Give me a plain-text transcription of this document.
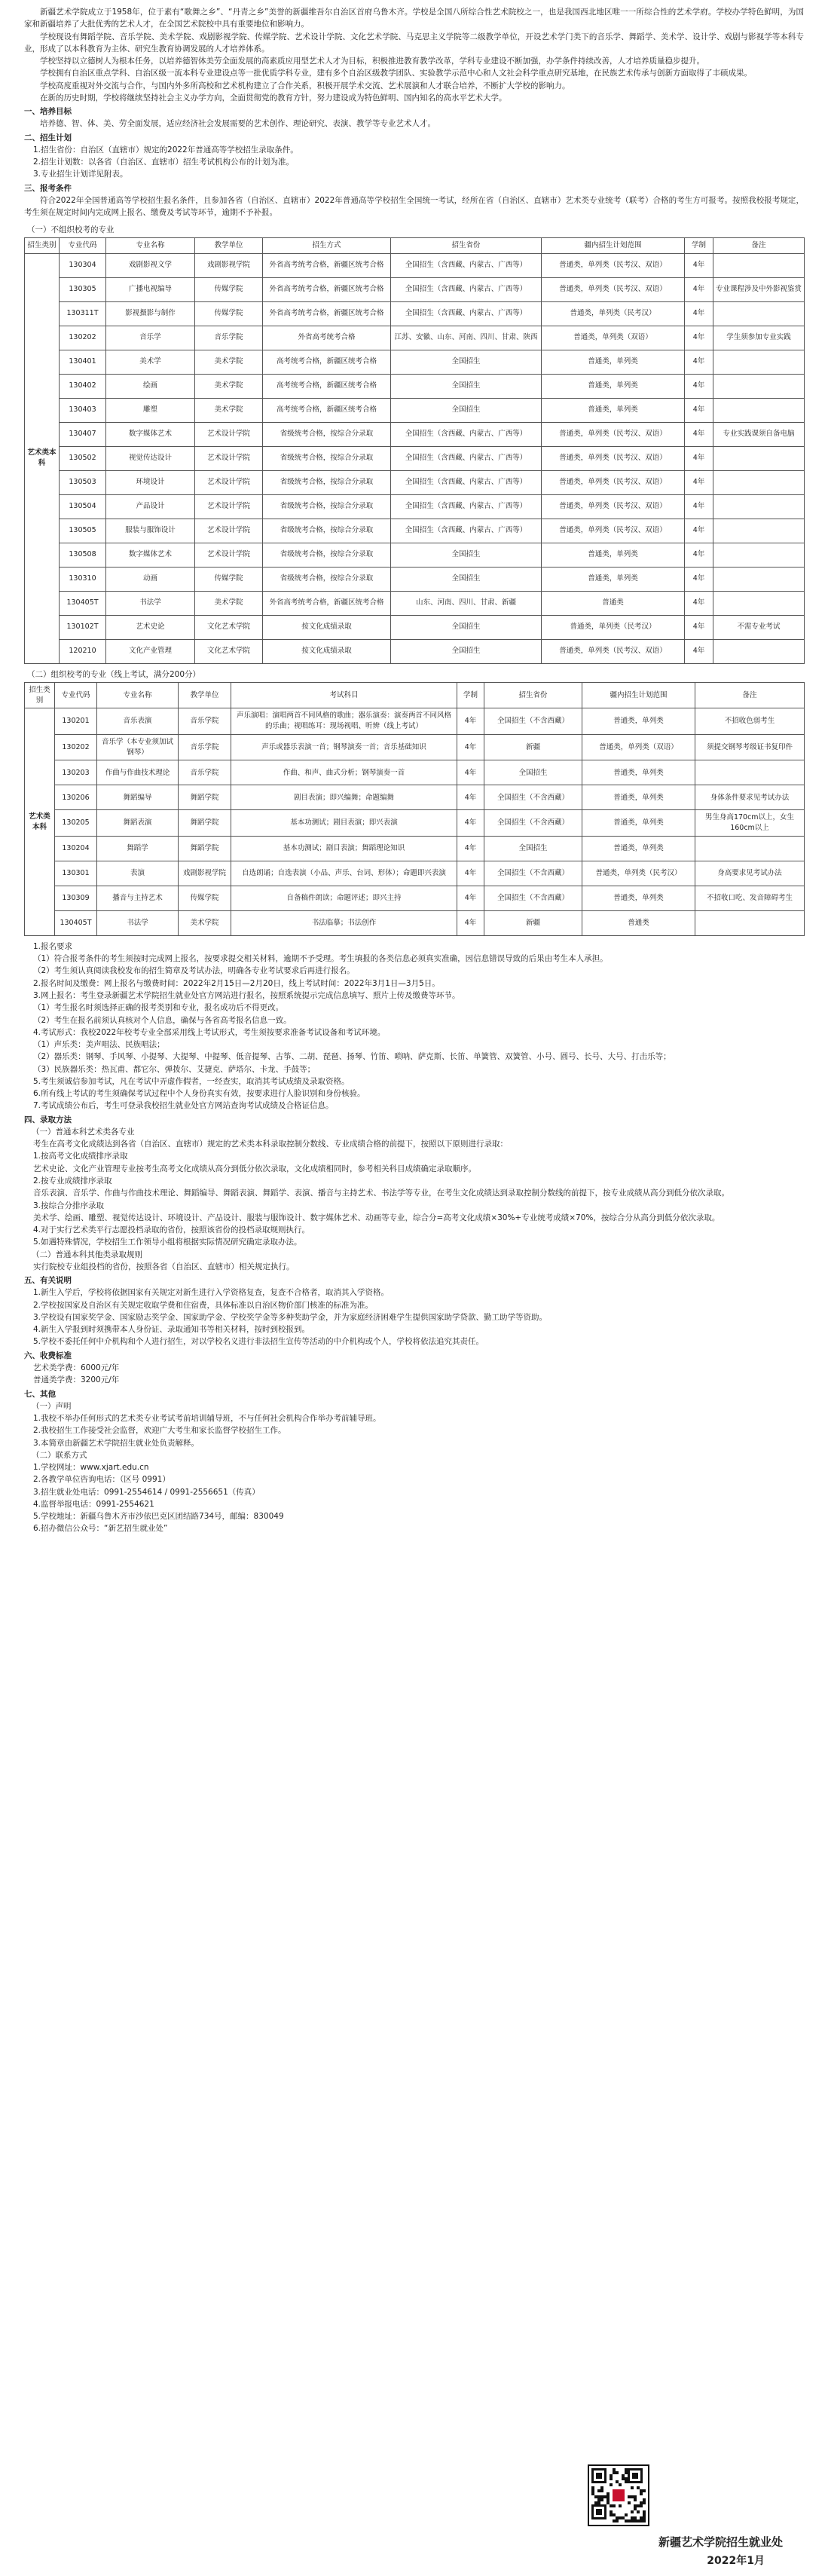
新疆艺术学院成立于1958年，位于素有“歌舞之乡”、“丹青之乡”美誉的新疆维吾尔自治区首府乌鲁木齐。学校是全国八所综合性艺术院校之一，也是我国西北地区唯一一所综合性的艺术学府。学校办学特色鲜明，为国家和新疆培养了大批优秀的艺术人才，在全国艺术院校中具有重要地位和影响力。

学校现设有舞蹈学院、音乐学院、美术学院、戏剧影视学院、传媒学院、艺术设计学院、文化艺术学院、马克思主义学院等二级教学单位，开设艺术学门类下的音乐学、舞蹈学、美术学、设计学、戏剧与影视学等本科专业，形成了以本科教育为主体、研究生教育协调发展的人才培养体系。

学校坚持以立德树人为根本任务，以培养德智体美劳全面发展的高素质应用型艺术人才为目标，积极推进教育教学改革，学科专业建设不断加强，办学条件持续改善，人才培养质量稳步提升。

学校拥有自治区重点学科、自治区级一流本科专业建设点等一批优质学科专业，建有多个自治区级教学团队、实验教学示范中心和人文社会科学重点研究基地，在民族艺术传承与创新方面取得了丰硕成果。

学校高度重视对外交流与合作，与国内外多所高校和艺术机构建立了合作关系，积极开展学术交流、艺术展演和人才联合培养，不断扩大学校的影响力。

在新的历史时期，学校将继续坚持社会主义办学方向，全面贯彻党的教育方针，努力建设成为特色鲜明、国内知名的高水平艺术大学。

一、培养目标

培养德、智、体、美、劳全面发展，适应经济社会发展需要的艺术创作、理论研究、表演、教学等专业艺术人才。

二、招生计划

1.招生省份：自治区（直辖市）规定的2022年普通高等学校招生录取条件。

2.招生计划数：以各省（自治区、直辖市）招生考试机构公布的计划为准。

3.专业招生计划详见附表。

三、报考条件

符合2022年全国普通高等学校招生报名条件，且参加各省（自治区、直辖市）2022年普通高等学校招生全国统一考试，经所在省（自治区、直辖市）艺术类专业统考（联考）合格的考生方可报考。按照我校报考规定，考生须在规定时间内完成网上报名、缴费及考试等环节，逾期不予补报。

（一）不组织校考的专业

招生类别	专业代码	专业名称	教学单位	招生方式	招生省份	疆内招生计划范围	学制	备注
艺术类本科	130304	戏剧影视文学	戏剧影视学院	外省高考统考合格，新疆区统考合格	全国招生（含西藏、内蒙古、广西等）	普通类，单列类（民考汉、双语）	4年	
	130305	广播电视编导	传媒学院	外省高考统考合格，新疆区统考合格	全国招生（含西藏、内蒙古、广西等）	普通类，单列类（民考汉、双语）	4年	专业课程涉及中外影视鉴赏
	130311T	影视摄影与制作	传媒学院	外省高考统考合格，新疆区统考合格	全国招生（含西藏、内蒙古、广西等）	普通类，单列类（民考汉）	4年	
	130202	音乐学	音乐学院	外省高考统考合格	江苏、安徽、山东、河南、四川、甘肃、陕西	普通类，单列类（双语）	4年	学生须参加专业实践
	130401	美术学	美术学院	高考统考合格，新疆区统考合格	全国招生	普通类，单列类	4年	
	130402	绘画	美术学院	高考统考合格，新疆区统考合格	全国招生	普通类，单列类	4年	
	130403	雕塑	美术学院	高考统考合格，新疆区统考合格	全国招生	普通类，单列类	4年	
	130407	数字媒体艺术	艺术设计学院	省级统考合格，按综合分录取	全国招生（含西藏、内蒙古、广西等）	普通类，单列类（民考汉、双语）	4年	专业实践课须自备电脑
	130502	视觉传达设计	艺术设计学院	省级统考合格，按综合分录取	全国招生（含西藏、内蒙古、广西等）	普通类，单列类（民考汉、双语）	4年	
	130503	环境设计	艺术设计学院	省级统考合格，按综合分录取	全国招生（含西藏、内蒙古、广西等）	普通类，单列类（民考汉、双语）	4年	
	130504	产品设计	艺术设计学院	省级统考合格，按综合分录取	全国招生（含西藏、内蒙古、广西等）	普通类，单列类（民考汉、双语）	4年	
	130505	服装与服饰设计	艺术设计学院	省级统考合格，按综合分录取	全国招生（含西藏、内蒙古、广西等）	普通类，单列类（民考汉、双语）	4年	
	130508	数字媒体艺术	艺术设计学院	省级统考合格，按综合分录取	全国招生	普通类，单列类	4年	
	130310	动画	传媒学院	省级统考合格，按综合分录取	全国招生	普通类，单列类	4年	
	130405T	书法学	美术学院	外省高考统考合格，新疆区统考合格	山东、河南、四川、甘肃、新疆	普通类	4年	
	130102T	艺术史论	文化艺术学院	按文化成绩录取	全国招生	普通类，单列类（民考汉）	4年	不需专业考试
	120210	文化产业管理	文化艺术学院	按文化成绩录取	全国招生	普通类，单列类（民考汉、双语）	4年	

（二）组织校考的专业（线上考试，满分200分）

招生类别	专业代码	专业名称	教学单位	考试科目	学制	招生省份	疆内招生计划范围	备注
艺术类本科	130201	音乐表演	音乐学院	声乐演唱：演唱两首不同风格的歌曲；器乐演奏：演奏两首不同风格的乐曲；视唱练耳：现场视唱、听辨（线上考试）	4年	全国招生（不含西藏）	普通类，单列类	不招收色弱考生
	130202	音乐学（本专业须加试钢琴）	音乐学院	声乐或器乐表演一首；钢琴演奏一首；音乐基础知识	4年	新疆	普通类，单列类（双语）	须提交钢琴考级证书复印件
	130203	作曲与作曲技术理论	音乐学院	作曲、和声、曲式分析；钢琴演奏一首	4年	全国招生	普通类，单列类	
	130206	舞蹈编导	舞蹈学院	剧目表演；即兴编舞；命题编舞	4年	全国招生（不含西藏）	普通类，单列类	身体条件要求见考试办法
	130205	舞蹈表演	舞蹈学院	基本功测试；剧目表演；即兴表演	4年	全国招生（不含西藏）	普通类，单列类	男生身高170cm以上，女生160cm以上
	130204	舞蹈学	舞蹈学院	基本功测试；剧目表演；舞蹈理论知识	4年	全国招生	普通类，单列类	
	130301	表演	戏剧影视学院	自选朗诵；自选表演（小品、声乐、台词、形体）；命题即兴表演	4年	全国招生（不含西藏）	普通类，单列类（民考汉）	身高要求见考试办法
	130309	播音与主持艺术	传媒学院	自备稿件朗读；命题评述；即兴主持	4年	全国招生（不含西藏）	普通类，单列类	不招收口吃、发音障碍考生
	130405T	书法学	美术学院	书法临摹；书法创作	4年	新疆	普通类	

1.报名要求

（1）符合报考条件的考生须按时完成网上报名，按要求提交相关材料，逾期不予受理。考生填报的各类信息必须真实准确，因信息错误导致的后果由考生本人承担。

（2）考生须认真阅读我校发布的招生简章及考试办法，明确各专业考试要求后再进行报名。

2.报名时间及缴费：网上报名与缴费时间：2022年2月15日—2月20日，线上考试时间：2022年3月1日—3月5日。

3.网上报名：考生登录新疆艺术学院招生就业处官方网站进行报名，按照系统提示完成信息填写、照片上传及缴费等环节。

（1）考生报名时须选择正确的报考类别和专业，报名成功后不得更改。

（2）考生在报名前须认真核对个人信息，确保与各省高考报名信息一致。

4.考试形式：我校2022年校考专业全部采用线上考试形式，考生须按要求准备考试设备和考试环境。

（1）声乐类：美声唱法、民族唱法；

（2）器乐类：钢琴、手风琴、小提琴、大提琴、中提琴、低音提琴、古筝、二胡、琵琶、扬琴、竹笛、唢呐、萨克斯、长笛、单簧管、双簧管、小号、圆号、长号、大号、打击乐等；

（3）民族器乐类：热瓦甫、都它尔、弹拨尔、艾捷克、萨塔尔、卡龙、手鼓等；

5.考生须诚信参加考试，凡在考试中弄虚作假者，一经查实，取消其考试成绩及录取资格。

6.所有线上考试的考生须确保考试过程中个人身份真实有效，按要求进行人脸识别和身份核验。

7.考试成绩公布后，考生可登录我校招生就业处官方网站查询考试成绩及合格证信息。

四、录取方法

（一）普通本科艺术类各专业

考生在高考文化成绩达到各省（自治区、直辖市）规定的艺术类本科录取控制分数线、专业成绩合格的前提下，按照以下原则进行录取：

1.按高考文化成绩排序录取

艺术史论、文化产业管理专业按考生高考文化成绩从高分到低分依次录取，文化成绩相同时，参考相关科目成绩确定录取顺序。

2.按专业成绩排序录取

音乐表演、音乐学、作曲与作曲技术理论、舞蹈编导、舞蹈表演、舞蹈学、表演、播音与主持艺术、书法学等专业，在考生文化成绩达到录取控制分数线的前提下，按专业成绩从高分到低分依次录取。

3.按综合分排序录取

美术学、绘画、雕塑、视觉传达设计、环境设计、产品设计、服装与服饰设计、数字媒体艺术、动画等专业，综合分=高考文化成绩×30%+专业统考成绩×70%，按综合分从高分到低分依次录取。

4.对于实行艺术类平行志愿投档录取的省份，按照该省份的投档录取规则执行。

5.如遇特殊情况，学校招生工作领导小组将根据实际情况研究确定录取办法。

（二）普通本科其他类录取规则

实行院校专业组投档的省份，按照各省（自治区、直辖市）相关规定执行。

五、有关说明

1.新生入学后，学校将依据国家有关规定对新生进行入学资格复查，复查不合格者，取消其入学资格。

2.学校按国家及自治区有关规定收取学费和住宿费，具体标准以自治区物价部门核准的标准为准。

3.学校设有国家奖学金、国家励志奖学金、国家助学金、学校奖学金等多种奖助学金，并为家庭经济困难学生提供国家助学贷款、勤工助学等资助。

4.新生入学报到时须携带本人身份证、录取通知书等相关材料，按时到校报到。

5.学校不委托任何中介机构和个人进行招生，对以学校名义进行非法招生宣传等活动的中介机构或个人，学校将依法追究其责任。

六、收费标准

艺术类学费：6000元/年

普通类学费：3200元/年

七、其他

（一）声明

1.我校不举办任何形式的艺术类专业考试考前培训辅导班，不与任何社会机构合作举办考前辅导班。

2.我校招生工作接受社会监督，欢迎广大考生和家长监督学校招生工作。

3.本简章由新疆艺术学院招生就业处负责解释。

（二）联系方式

1.学校网址：www.xjart.edu.cn

2.各教学单位咨询电话：（区号 0991）

3.招生就业处电话：0991-2554614 / 0991-2556651（传真）

4.监督举报电话：0991-2554621

5.学校地址：新疆乌鲁木齐市沙依巴克区团结路734号，邮编：830049

6.招办微信公众号：“新艺招生就业处”

新疆艺术学院招生就业处
2022年1月
